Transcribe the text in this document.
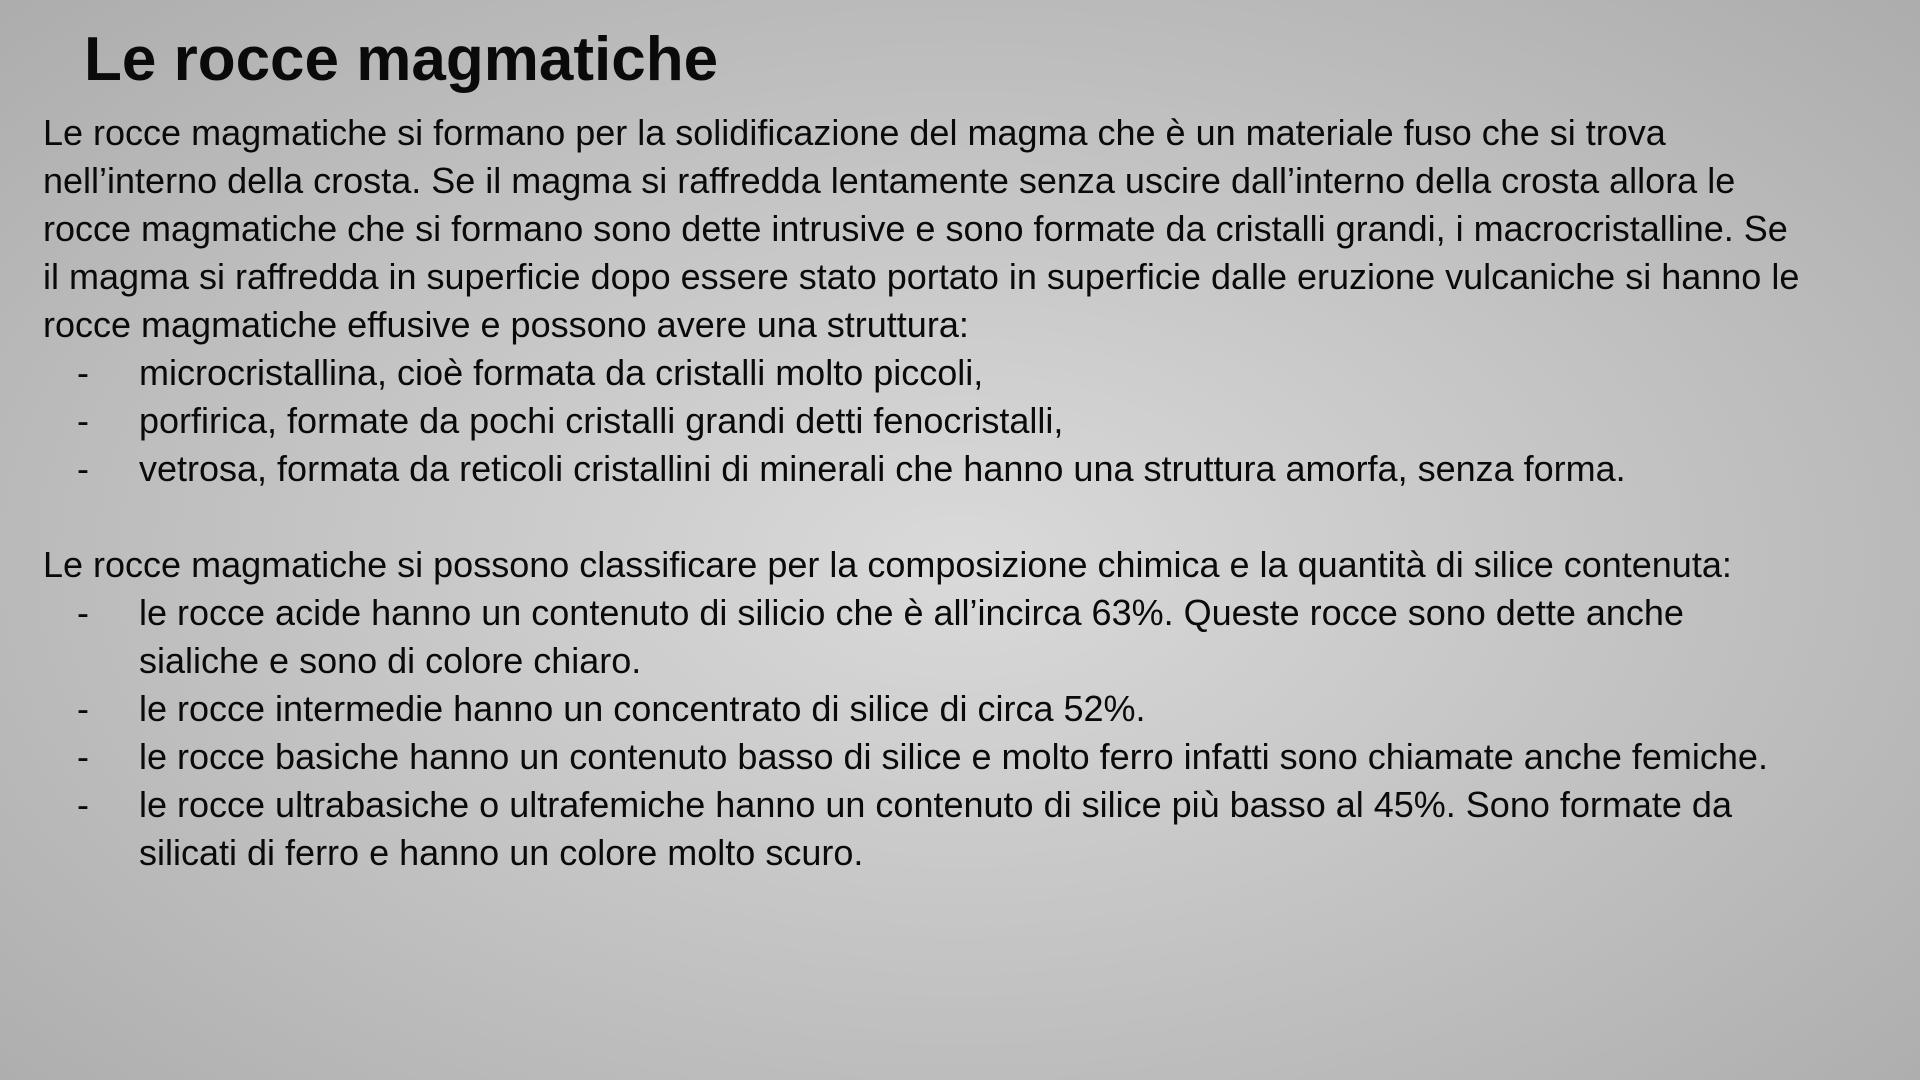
Le rocce magmatiche

Le rocce magmatiche si formano per la solidificazione del magma che è un materiale fuso che si trova nell’interno della crosta. Se il magma si raffredda lentamente senza uscire dall’interno della crosta allora le rocce magmatiche che si formano sono dette intrusive e sono formate da cristalli grandi, i macrocristalline. Se il magma si raffredda in superficie dopo essere stato portato in superficie dalle eruzione vulcaniche si hanno le rocce magmatiche effusive e possono avere una struttura:

- microcristallina, cioè formata da cristalli molto piccoli,
- porfirica, formate da pochi cristalli grandi detti fenocristalli,
- vetrosa, formata da reticoli cristallini di minerali che hanno una struttura amorfa, senza forma.

Le rocce magmatiche si possono classificare per la composizione chimica e la quantità di silice contenuta:

- le rocce acide hanno un contenuto di silicio che è all’incirca 63%. Queste rocce sono dette anche sialiche e sono di colore chiaro.
- le rocce intermedie hanno un concentrato di silice di circa 52%.
- le rocce basiche hanno un contenuto basso di silice e molto ferro infatti sono chiamate anche femiche.
- le rocce ultrabasiche o ultrafemiche hanno un contenuto di silice più basso al 45%. Sono formate da silicati di ferro e hanno un colore molto scuro.
